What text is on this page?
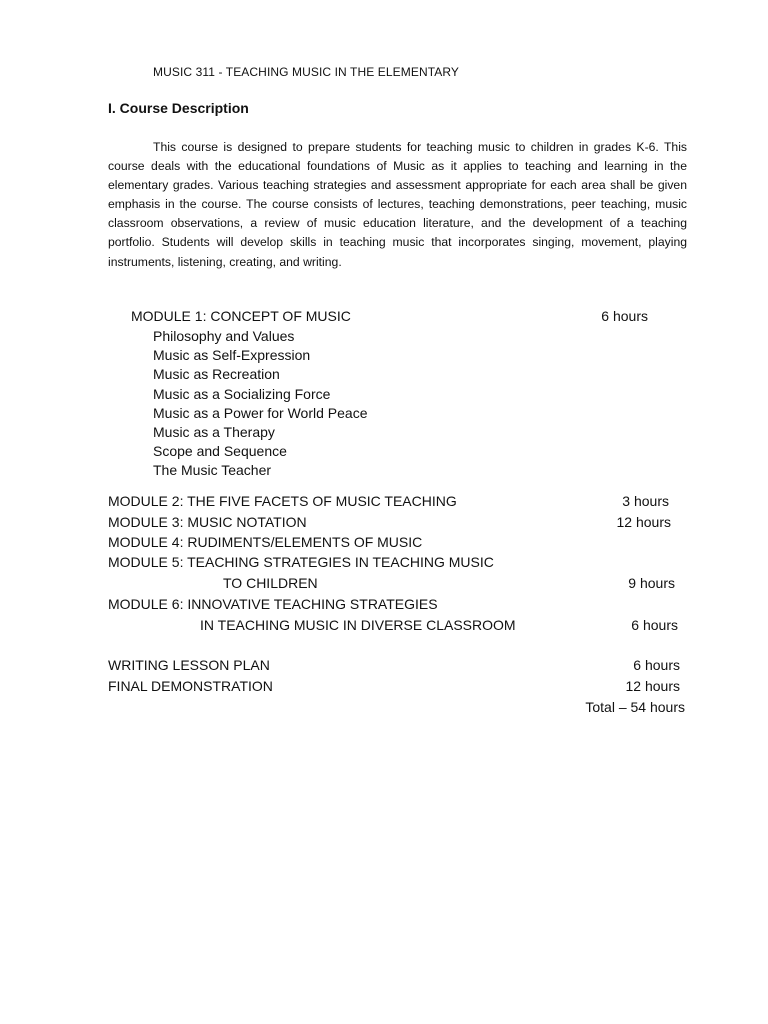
MUSIC 311 - TEACHING MUSIC IN THE ELEMENTARY
I. Course Description
This course is designed to prepare students for teaching music to children in grades K-6. This course deals with the educational foundations of Music as it applies to teaching and learning in the elementary grades. Various teaching strategies and assessment appropriate for each area shall be given emphasis in the course. The course consists of lectures, teaching demonstrations, peer teaching, music classroom observations, a review of music education literature, and the development of a teaching portfolio. Students will develop skills in teaching music that incorporates singing, movement, playing instruments, listening, creating, and writing.
MODULE 1: CONCEPT OF MUSIC	6 hours
Philosophy and Values
Music as Self-Expression
Music as Recreation
Music as a Socializing Force
Music as a Power for World Peace
Music as a Therapy
Scope and Sequence
The Music Teacher
MODULE 2: THE FIVE FACETS OF MUSIC TEACHING	3 hours
MODULE 3: MUSIC NOTATION	12 hours
MODULE 4: RUDIMENTS/ELEMENTS OF MUSIC
MODULE 5: TEACHING STRATEGIES IN TEACHING MUSIC
TO CHILDREN	9 hours
MODULE 6: INNOVATIVE TEACHING STRATEGIES
IN TEACHING MUSIC IN DIVERSE CLASSROOM	6 hours
WRITING LESSON PLAN	6 hours
FINAL DEMONSTRATION	12 hours
Total – 54 hours
